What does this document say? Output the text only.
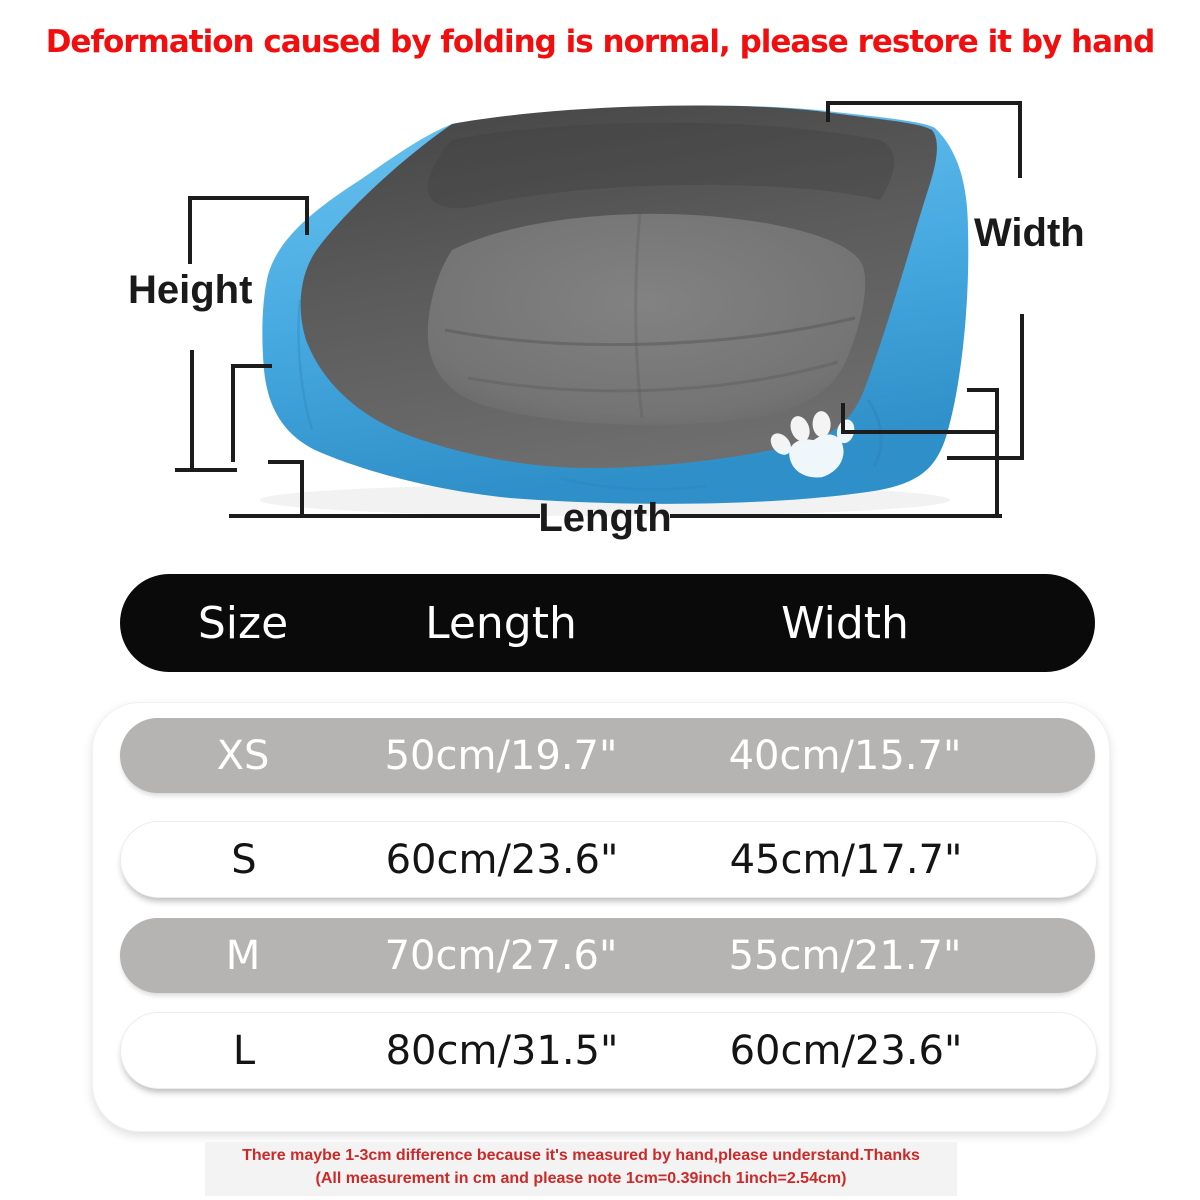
Deformation caused by folding is normal, please restore it by hand
Height
Width
Length
Size	Length	Width
XS	50cm/19.7"	40cm/15.7"
S	60cm/23.6"	45cm/17.7"
M	70cm/27.6"	55cm/21.7"
L	80cm/31.5"	60cm/23.6"
There maybe 1-3cm difference because it's measured by hand,please understand.Thanks
(All measurement in cm and please note 1cm=0.39inch 1inch=2.54cm)
